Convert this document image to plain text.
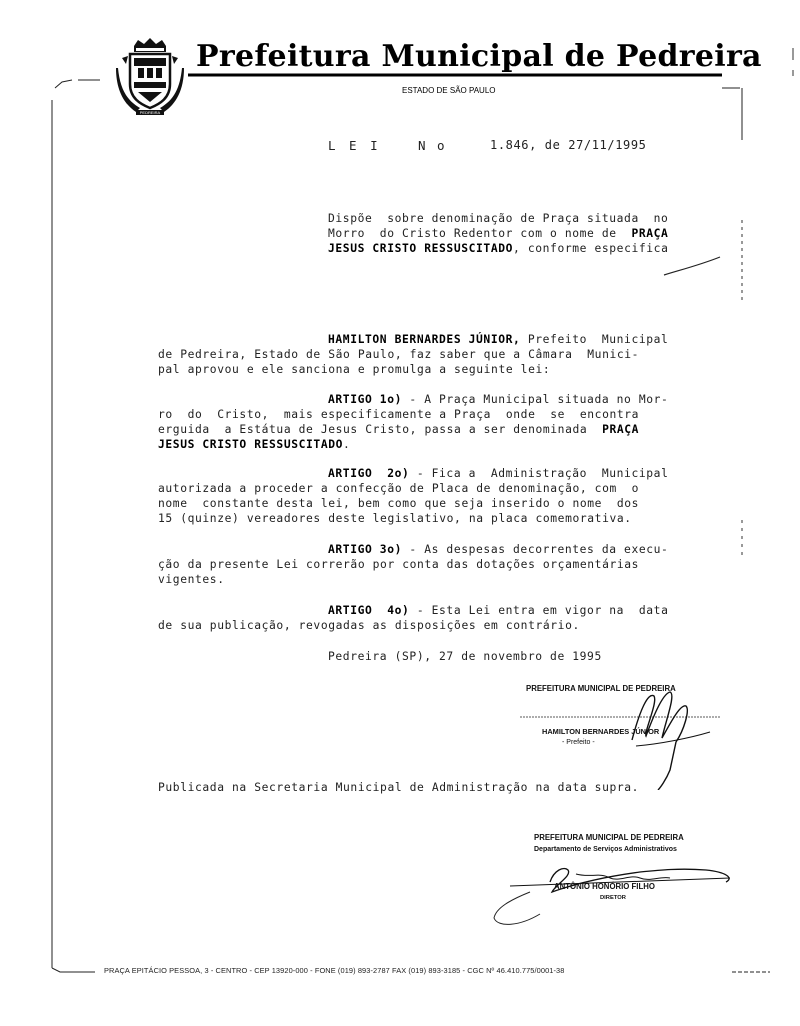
PEDREIRA
Prefeitura Municipal de Pedreira
ESTADO DE SÃO PAULO
L E I	N o	1.846, de 27/11/1995
Dispõe  sobre denominação de Praça situada  no
Morro  do Cristo Redentor com o nome de  PRAÇA
JESUS CRISTO RESSUSCITADO, conforme especifica
HAMILTON BERNARDES JÚNIOR, Prefeito  Municipal
de Pedreira, Estado de São Paulo, faz saber que a Câmara  Munici-
pal aprovou e ele sanciona e promulga a seguinte lei:
ARTIGO 1o) - A Praça Municipal situada no Mor-
ro  do  Cristo,  mais especificamente a Praça  onde  se  encontra
erguida  a Estátua de Jesus Cristo, passa a ser denominada  PRAÇA
JESUS CRISTO RESSUSCITADO.
ARTIGO  2o) - Fica a  Administração  Municipal
autorizada a proceder a confecção de Placa de denominação, com  o
nome  constante desta lei, bem como que seja inserido o nome  dos
15 (quinze) vereadores deste legislativo, na placa comemorativa.
ARTIGO 3o) - As despesas decorrentes da execu-
ção da presente Lei correrão por conta das dotações orçamentárias
vigentes.
ARTIGO  4o) - Esta Lei entra em vigor na  data
de sua publicação, revogadas as disposições em contrário.
Pedreira (SP), 27 de novembro de 1995
PREFEITURA MUNICIPAL DE PEDREIRA
HAMILTON BERNARDES JÚNIOR
- Prefeito -
Publicada na Secretaria Municipal de Administração na data supra.
PREFEITURA MUNICIPAL DE PEDREIRA
Departamento de Serviços Administrativos
ANTÔNIO HONÓRIO FILHO
DIRETOR
PRAÇA EPITÁCIO PESSOA, 3 - CENTRO - CEP 13920-000 - FONE (019) 893-2787 FAX (019) 893-3185 - CGC Nº 46.410.775/0001-38
